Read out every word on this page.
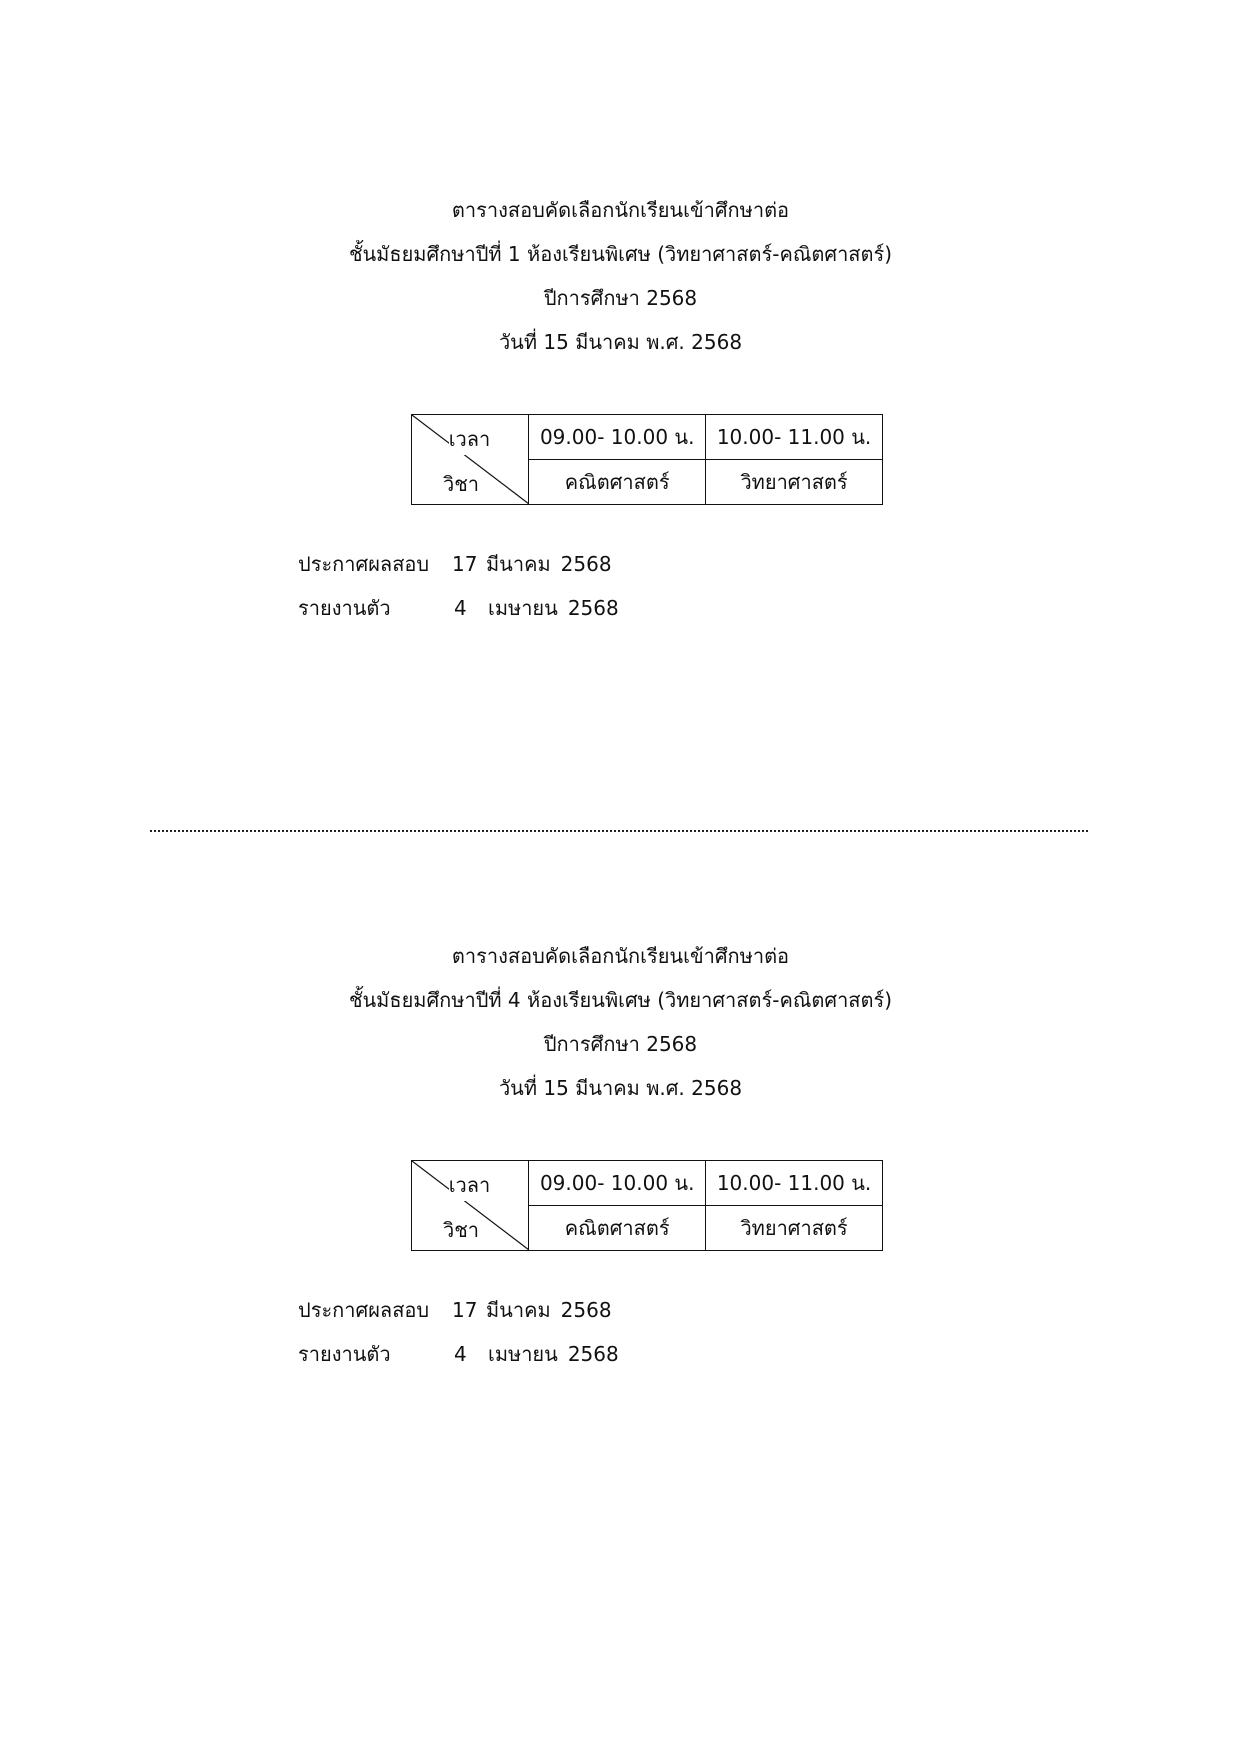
ตารางสอบคัดเลือกนักเรียนเข้าศึกษาต่อ
ชั้นมัธยมศึกษาปีที่ 1 ห้องเรียนพิเศษ (วิทยาศาสตร์-คณิตศาสตร์)
ปีการศึกษา 2568
วันที่ 15 มีนาคม พ.ศ. 2568
เวลา
วิชา	09.00- 10.00 น.	10.00- 11.00 น.
	คณิตศาสตร์	วิทยาศาสตร์
ประกาศผลสอบ 17 มีนาคม 2568
รายงานตัว	4 เมษายน 2568
ตารางสอบคัดเลือกนักเรียนเข้าศึกษาต่อ
ชั้นมัธยมศึกษาปีที่ 4 ห้องเรียนพิเศษ (วิทยาศาสตร์-คณิตศาสตร์)
ปีการศึกษา 2568
วันที่ 15 มีนาคม พ.ศ. 2568
เวลา
วิชา	09.00- 10.00 น.	10.00- 11.00 น.
	คณิตศาสตร์	วิทยาศาสตร์
ประกาศผลสอบ 17 มีนาคม 2568
รายงานตัว	4 เมษายน 2568
